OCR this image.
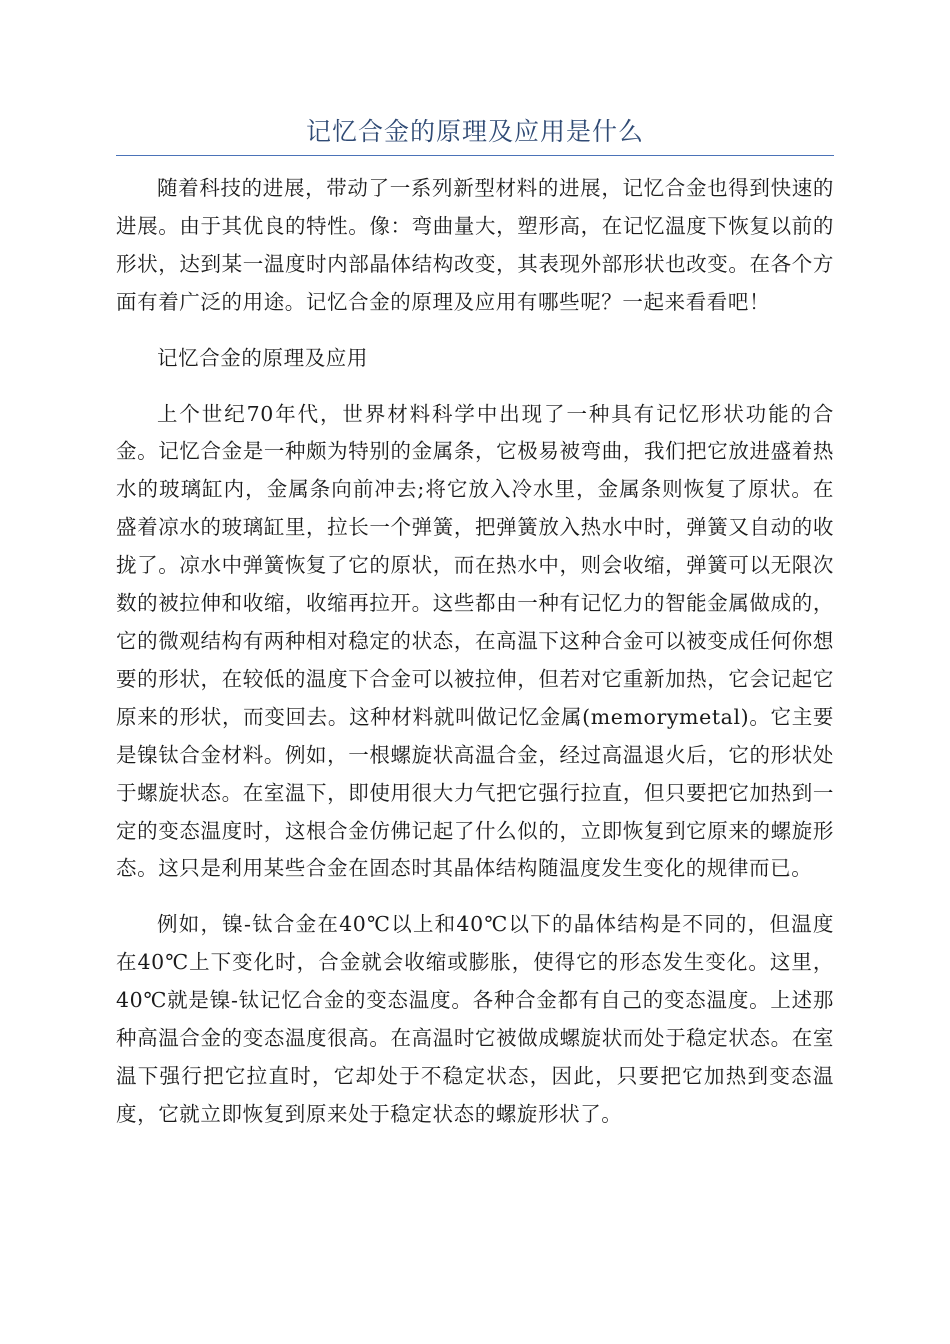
记忆合金的原理及应用是什么

随着科技的进展，带动了一系列新型材料的进展，记忆合金也得到快速的进展。由于其优良的特性。像：弯曲量大，塑形高，在记忆温度下恢复以前的形状，达到某一温度时内部晶体结构改变，其表现外部形状也改变。在各个方面有着广泛的用途。记忆合金的原理及应用有哪些呢？一起来看看吧！

记忆合金的原理及应用

上个世纪70年代，世界材料科学中出现了一种具有记忆形状功能的合金。记忆合金是一种颇为特别的金属条，它极易被弯曲，我们把它放进盛着热水的玻璃缸内，金属条向前冲去;将它放入冷水里，金属条则恢复了原状。在盛着凉水的玻璃缸里，拉长一个弹簧，把弹簧放入热水中时，弹簧又自动的收拢了。凉水中弹簧恢复了它的原状，而在热水中，则会收缩，弹簧可以无限次数的被拉伸和收缩，收缩再拉开。这些都由一种有记忆力的智能金属做成的，它的微观结构有两种相对稳定的状态，在高温下这种合金可以被变成任何你想要的形状，在较低的温度下合金可以被拉伸，但若对它重新加热，它会记起它原来的形状，而变回去。这种材料就叫做记忆金属(memorymetal)。它主要是镍钛合金材料。例如，一根螺旋状高温合金，经过高温退火后，它的形状处于螺旋状态。在室温下，即使用很大力气把它强行拉直，但只要把它加热到一定的变态温度时，这根合金仿佛记起了什么似的，立即恢复到它原来的螺旋形态。这只是利用某些合金在固态时其晶体结构随温度发生变化的规律而已。

例如，镍-钛合金在40℃以上和40℃以下的晶体结构是不同的，但温度在40℃上下变化时，合金就会收缩或膨胀，使得它的形态发生变化。这里，40℃就是镍-钛记忆合金的变态温度。各种合金都有自己的变态温度。上述那种高温合金的变态温度很高。在高温时它被做成螺旋状而处于稳定状态。在室温下强行把它拉直时，它却处于不稳定状态，因此，只要把它加热到变态温度，它就立即恢复到原来处于稳定状态的螺旋形状了。
